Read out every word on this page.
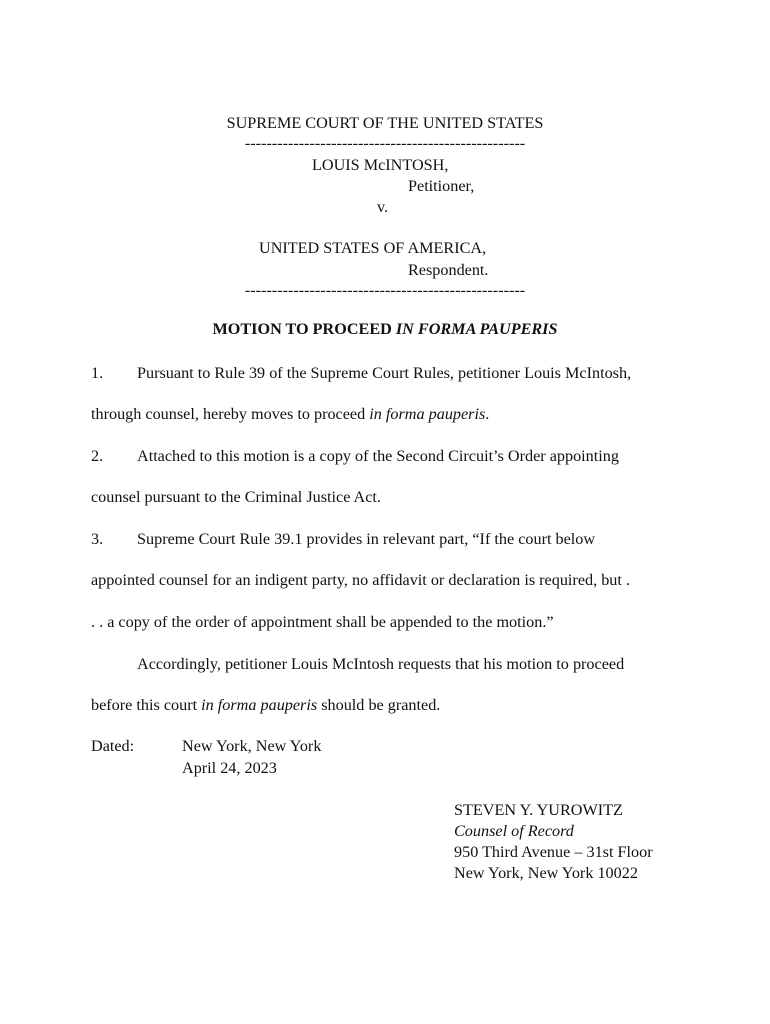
SUPREME COURT OF THE UNITED STATES
----------------------------------------------------
LOUIS McINTOSH,
Petitioner,
v.
UNITED STATES OF AMERICA,
Respondent.
----------------------------------------------------
MOTION TO PROCEED IN FORMA PAUPERIS
1. Pursuant to Rule 39 of the Supreme Court Rules, petitioner Louis McIntosh,
through counsel, hereby moves to proceed in forma pauperis.
2. Attached to this motion is a copy of the Second Circuit’s Order appointing
counsel pursuant to the Criminal Justice Act.
3. Supreme Court Rule 39.1 provides in relevant part, “If the court below
appointed counsel for an indigent party, no affidavit or declaration is required, but .
. . a copy of the order of appointment shall be appended to the motion.”
Accordingly, petitioner Louis McIntosh requests that his motion to proceed
before this court in forma pauperis should be granted.
Dated:	New York, New York
April 24, 2023
STEVEN Y. YUROWITZ
Counsel of Record
950 Third Avenue – 31st Floor
New York, New York 10022
